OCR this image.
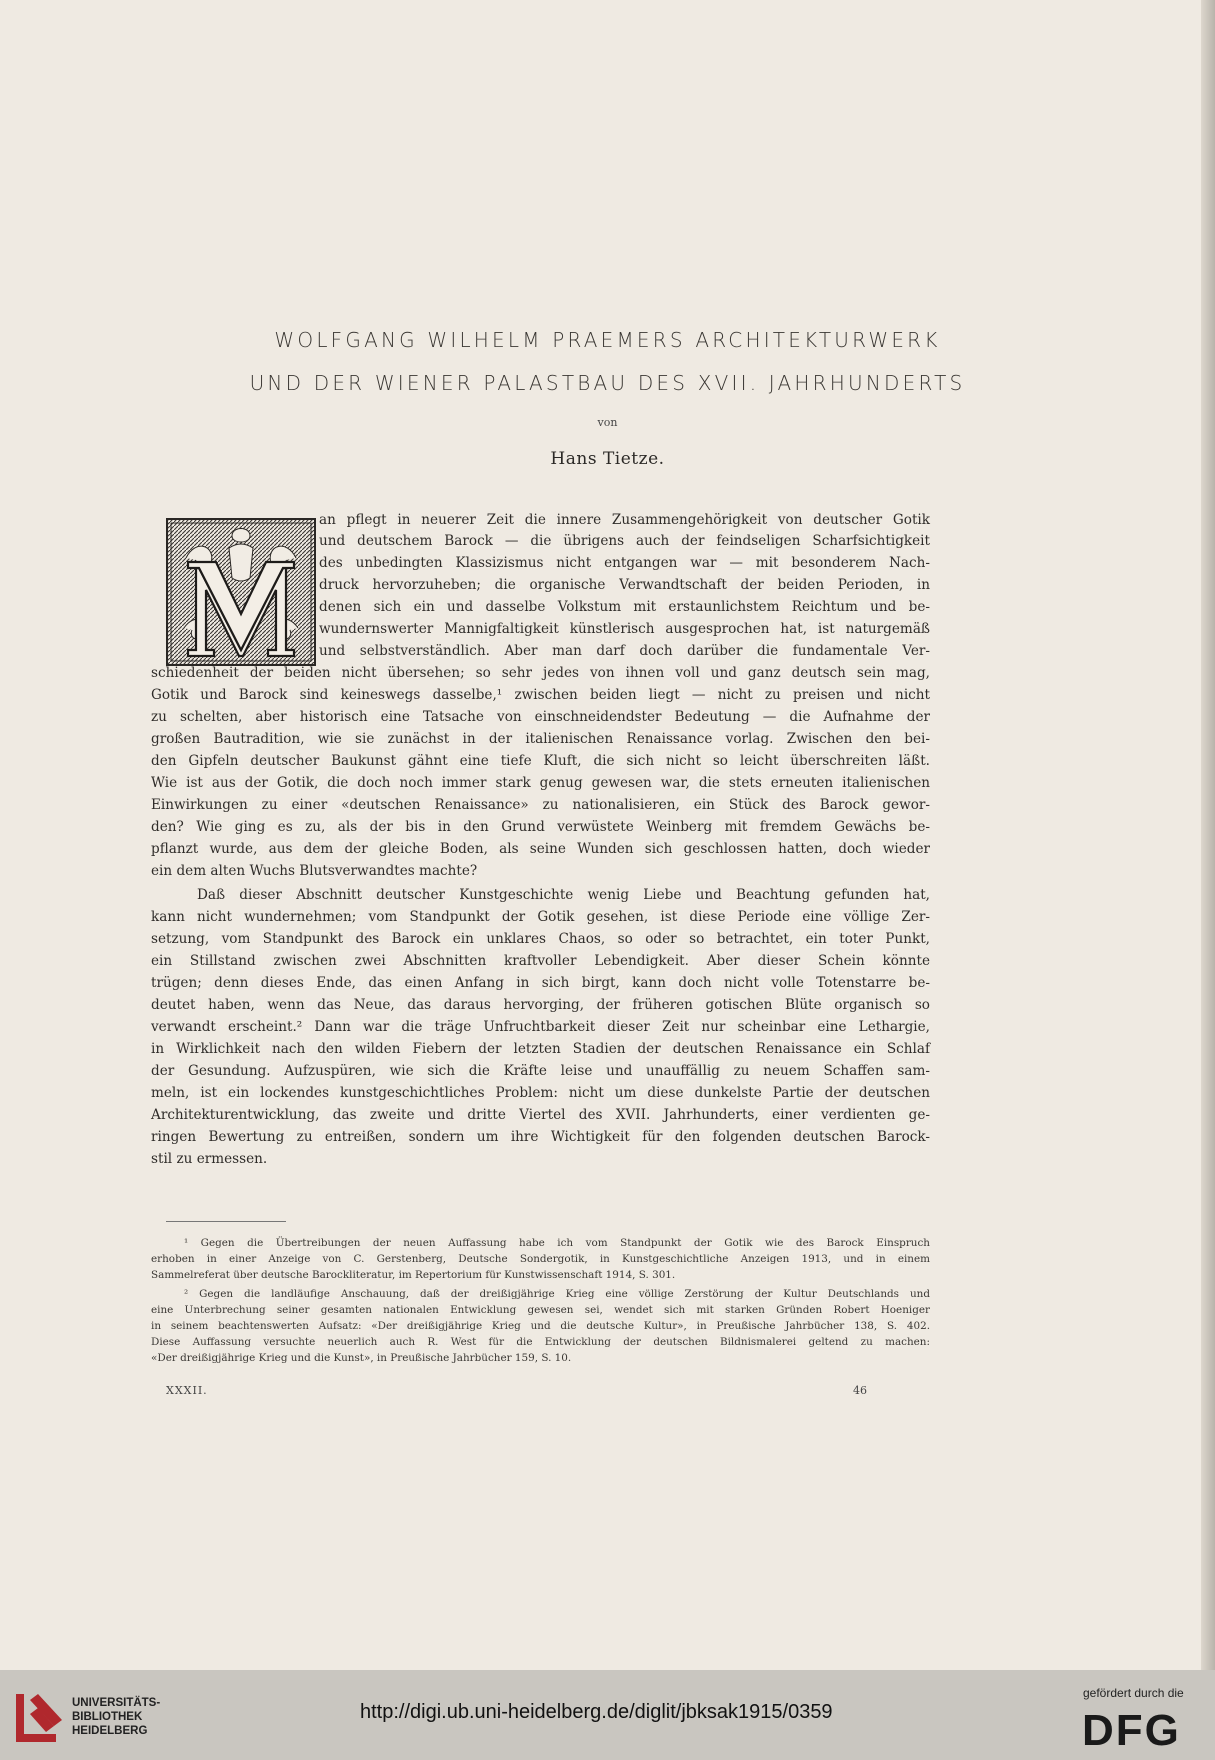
WOLFGANG WILHELM PRAEMERS ARCHITEKTURWERK
UND DER WIENER PALASTBAU DES XVII. JAHRHUNDERTS
von
Hans Tietze.
an pflegt in neuerer Zeit die innere Zusammengehörigkeit von deutscher Gotik
und deutschem Barock — die übrigens auch der feindseligen Scharfsichtigkeit
des unbedingten Klassizismus nicht entgangen war — mit besonderem Nach-
druck hervorzuheben; die organische Verwandtschaft der beiden Perioden, in
denen sich ein und dasselbe Volkstum mit erstaunlichstem Reichtum und be-
wundernswerter Mannigfaltigkeit künstlerisch ausgesprochen hat, ist naturgemäß
und selbstverständlich. Aber man darf doch darüber die fundamentale Ver-
schiedenheit der beiden nicht übersehen; so sehr jedes von ihnen voll und ganz deutsch sein mag,
Gotik und Barock sind keineswegs dasselbe,¹ zwischen beiden liegt — nicht zu preisen und nicht
zu schelten, aber historisch eine Tatsache von einschneidendster Bedeutung — die Aufnahme der
großen Bautradition, wie sie zunächst in der italienischen Renaissance vorlag. Zwischen den bei-
den Gipfeln deutscher Baukunst gähnt eine tiefe Kluft, die sich nicht so leicht überschreiten läßt.
Wie ist aus der Gotik, die doch noch immer stark genug gewesen war, die stets erneuten italienischen
Einwirkungen zu einer «deutschen Renaissance» zu nationalisieren, ein Stück des Barock gewor-
den? Wie ging es zu, als der bis in den Grund verwüstete Weinberg mit fremdem Gewächs be-
pflanzt wurde, aus dem der gleiche Boden, als seine Wunden sich geschlossen hatten, doch wieder
ein dem alten Wuchs Blutsverwandtes machte?
Daß dieser Abschnitt deutscher Kunstgeschichte wenig Liebe und Beachtung gefunden hat,
kann nicht wundernehmen; vom Standpunkt der Gotik gesehen, ist diese Periode eine völlige Zer-
setzung, vom Standpunkt des Barock ein unklares Chaos, so oder so betrachtet, ein toter Punkt,
ein Stillstand zwischen zwei Abschnitten kraftvoller Lebendigkeit. Aber dieser Schein könnte
trügen; denn dieses Ende, das einen Anfang in sich birgt, kann doch nicht volle Totenstarre be-
deutet haben, wenn das Neue, das daraus hervorging, der früheren gotischen Blüte organisch so
verwandt erscheint.² Dann war die träge Unfruchtbarkeit dieser Zeit nur scheinbar eine Lethargie,
in Wirklichkeit nach den wilden Fiebern der letzten Stadien der deutschen Renaissance ein Schlaf
der Gesundung. Aufzuspüren, wie sich die Kräfte leise und unauffällig zu neuem Schaffen sam-
meln, ist ein lockendes kunstgeschichtliches Problem: nicht um diese dunkelste Partie der deutschen
Architekturentwicklung, das zweite und dritte Viertel des XVII. Jahrhunderts, einer verdienten ge-
ringen Bewertung zu entreißen, sondern um ihre Wichtigkeit für den folgenden deutschen Barock-
stil zu ermessen.
¹ Gegen die Übertreibungen der neuen Auffassung habe ich vom Standpunkt der Gotik wie des Barock Einspruch
erhoben in einer Anzeige von C. Gerstenberg, Deutsche Sondergotik, in Kunstgeschichtliche Anzeigen 1913, und in einem
Sammelreferat über deutsche Barockliteratur, im Repertorium für Kunstwissenschaft 1914, S. 301.
² Gegen die landläufige Anschauung, daß der dreißigjährige Krieg eine völlige Zerstörung der Kultur Deutschlands und
eine Unterbrechung seiner gesamten nationalen Entwicklung gewesen sei, wendet sich mit starken Gründen Robert Hoeniger
in seinem beachtenswerten Aufsatz: «Der dreißigjährige Krieg und die deutsche Kultur», in Preußische Jahrbücher 138, S. 402.
Diese Auffassung versuchte neuerlich auch R. West für die Entwicklung der deutschen Bildnismalerei geltend zu machen:
«Der dreißigjährige Krieg und die Kunst», in Preußische Jahrbücher 159, S. 10.
XXXII.	46
UNIVERSITÄTS-
BIBLIOTHEK
HEIDELBERG
http://digi.ub.uni-heidelberg.de/diglit/jbksak1915/0359
gefördert durch die
DFG
